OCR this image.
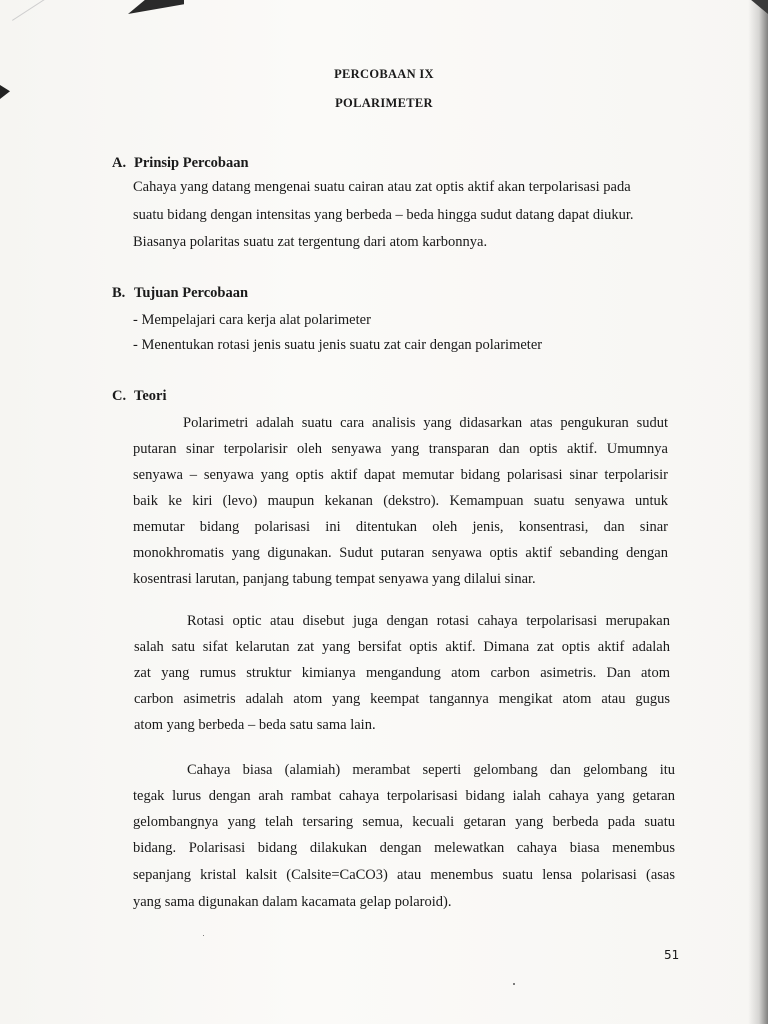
PERCOBAAN IX
POLARIMETER
A. Prinsip Percobaan
Cahaya yang datang mengenai suatu cairan atau zat optis aktif akan terpolarisasi pada
suatu bidang dengan intensitas yang berbeda – beda hingga sudut datang dapat diukur.
Biasanya polaritas suatu zat tergentung dari atom karbonnya.
B. Tujuan Percobaan
- Mempelajari cara kerja alat polarimeter
- Menentukan rotasi jenis suatu jenis suatu zat cair dengan polarimeter
C. Teori
Polarimetri adalah suatu cara analisis yang didasarkan atas pengukuran sudut
putaran sinar terpolarisir oleh senyawa yang transparan dan optis aktif. Umumnya
senyawa – senyawa yang optis aktif dapat memutar bidang polarisasi sinar terpolarisir
baik ke kiri (levo) maupun kekanan (dekstro). Kemampuan suatu senyawa untuk
memutar bidang polarisasi ini ditentukan oleh jenis, konsentrasi, dan sinar
monokhromatis yang digunakan. Sudut putaran senyawa optis aktif sebanding dengan
kosentrasi larutan, panjang tabung tempat senyawa yang dilalui sinar.
Rotasi optic atau disebut juga dengan rotasi cahaya terpolarisasi merupakan
salah satu sifat kelarutan zat yang bersifat optis aktif. Dimana zat optis aktif adalah
zat yang rumus struktur kimianya mengandung atom carbon asimetris. Dan atom
carbon asimetris adalah atom yang keempat tangannya mengikat atom atau gugus
atom yang berbeda – beda satu sama lain.
Cahaya biasa (alamiah) merambat seperti gelombang dan gelombang itu
tegak lurus dengan arah rambat cahaya terpolarisasi bidang ialah cahaya yang getaran
gelombangnya yang telah tersaring semua, kecuali getaran yang berbeda pada suatu
bidang. Polarisasi bidang dilakukan dengan melewatkan cahaya biasa menembus
sepanjang kristal kalsit (Calsite=CaCO3) atau menembus suatu lensa polarisasi (asas
yang sama digunakan dalam kacamata gelap polaroid).
51
